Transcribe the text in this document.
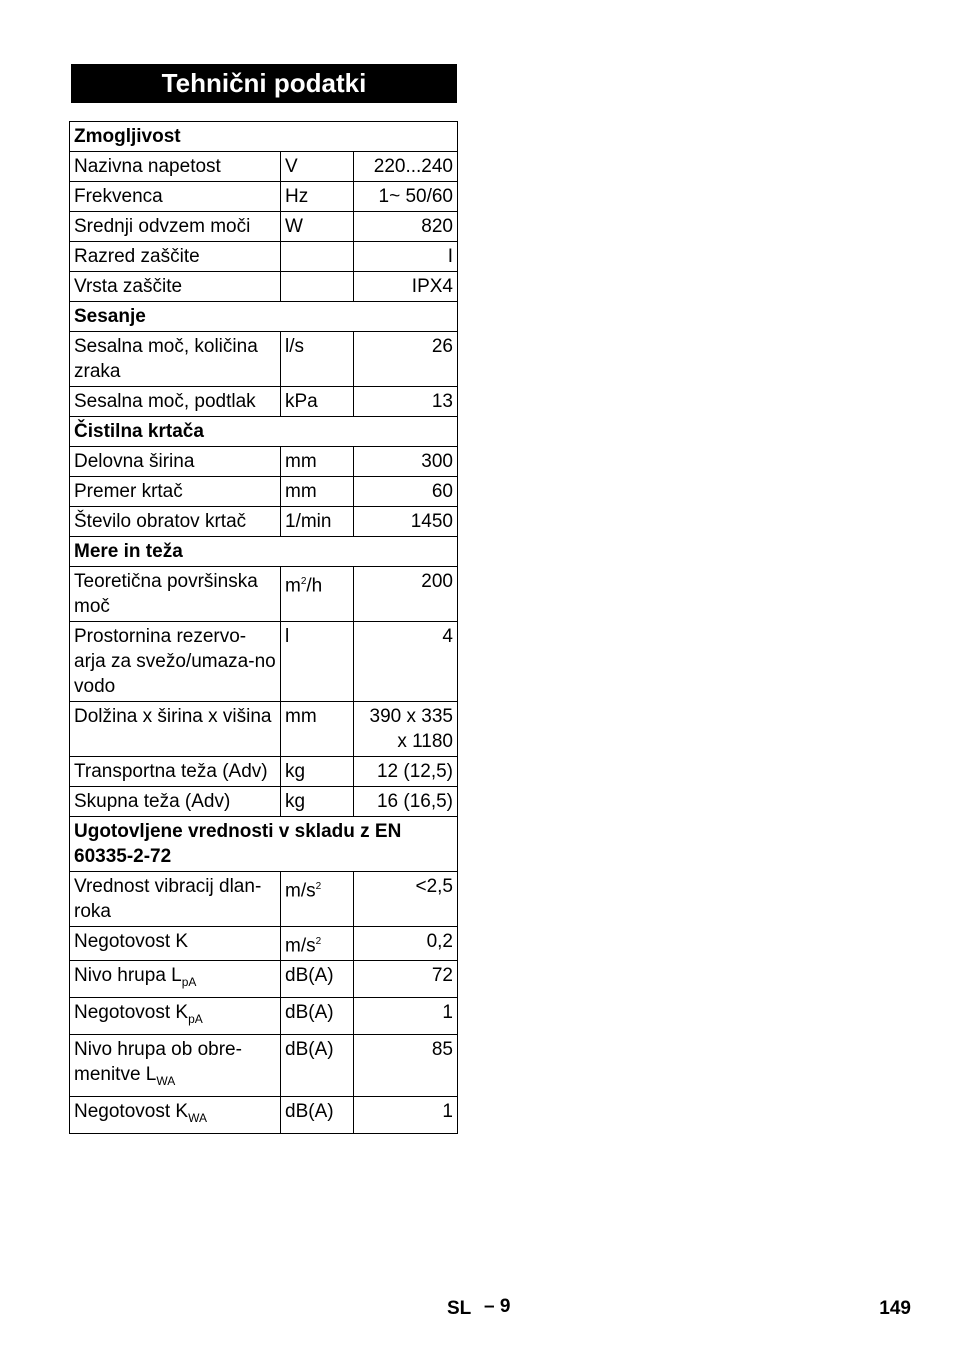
Tehnični podatki
Zmogljivost		
Nazivna napetost	V	220...240
Frekvenca	Hz	1~ 50/60
Srednji odvzem moči	W	820
Razred zaščite		I
Vrsta zaščite		IPX4
Sesanje		
Sesalna moč, količina zraka	l/s	26
Sesalna moč, podtlak	kPa	13
Čistilna krtača		
Delovna širina	mm	300
Premer krtač	mm	60
Število obratov krtač	1/min	1450
Mere in teža		
Teoretična površinska moč	$m^2/h$	200
Prostornina rezervo-arja za svežo/umaza-no vodo	l	4
Dolžina x širina x višina	mm	390 x 335 x 1180
Transportna teža (Adv)	kg	12 (12,5)
Skupna teža (Adv)	kg	16 (16,5)
Ugotovljene vrednosti v skladu z EN 60335-2-72		
Vrednost vibracij dlan-roka	$m/s^2$	<2,5
Negotovost K	$m/s^2$	0,2
Nivo hrupa $L_{pA}$	dB(A)	72
Negotovost $K_{pA}$	dB(A)	1
Nivo hrupa ob obre-menitve $L_{WA}$	dB(A)	85
Negotovost $K_{WA}$	dB(A)	1
SL – 9	149
